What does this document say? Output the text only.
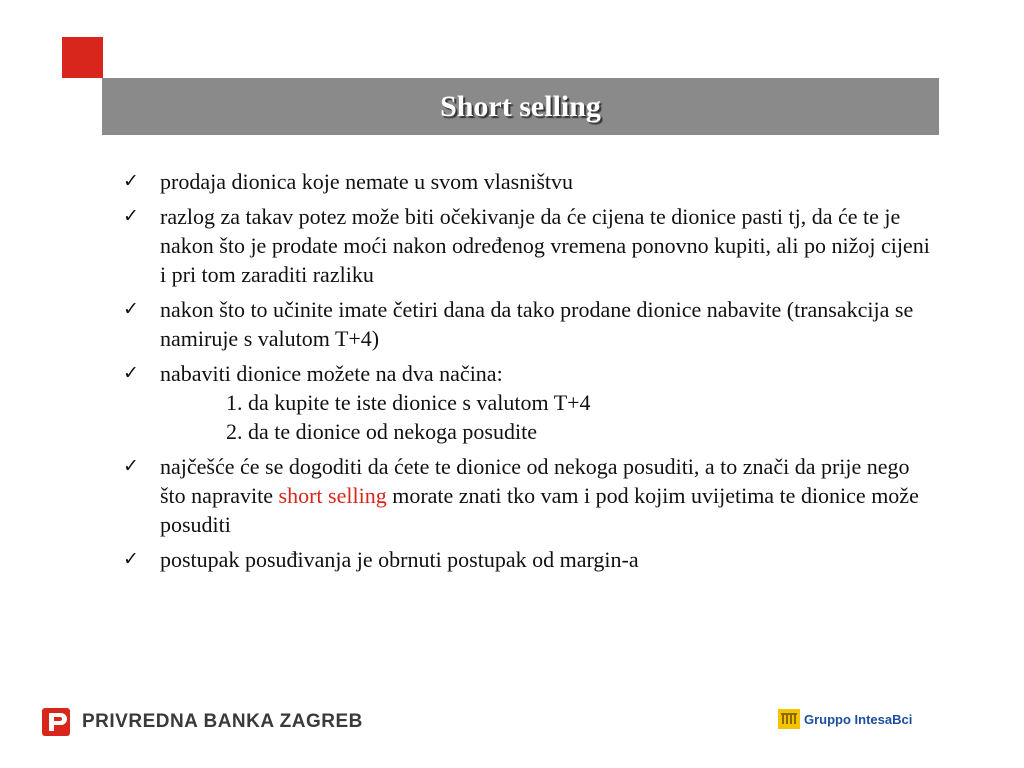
Short selling
✓ prodaja dionica koje nemate u svom vlasništvu
✓ razlog za takav potez može biti očekivanje da će cijena te dionice pasti tj, da će te je nakon što je prodate moći nakon određenog vremena ponovno kupiti, ali po nižoj cijeni i pri tom zaraditi razliku
✓ nakon što to učinite imate četiri dana da tako prodane dionice nabavite (transakcija se namiruje s valutom T+4)
✓ nabaviti dionice možete na dva načina:
1. da kupite te iste dionice s valutom T+4
2. da te dionice od nekoga posudite
✓ najčešće će se dogoditi da ćete te dionice od nekoga posuditi, a to znači da prije nego što napravite short selling morate znati tko vam i pod kojim uvijetima te dionice može posuditi
✓ postupak posuđivanja je obrnuti postupak od margin-a
PRIVREDNA BANKA ZAGREB	Gruppo IntesaBci
